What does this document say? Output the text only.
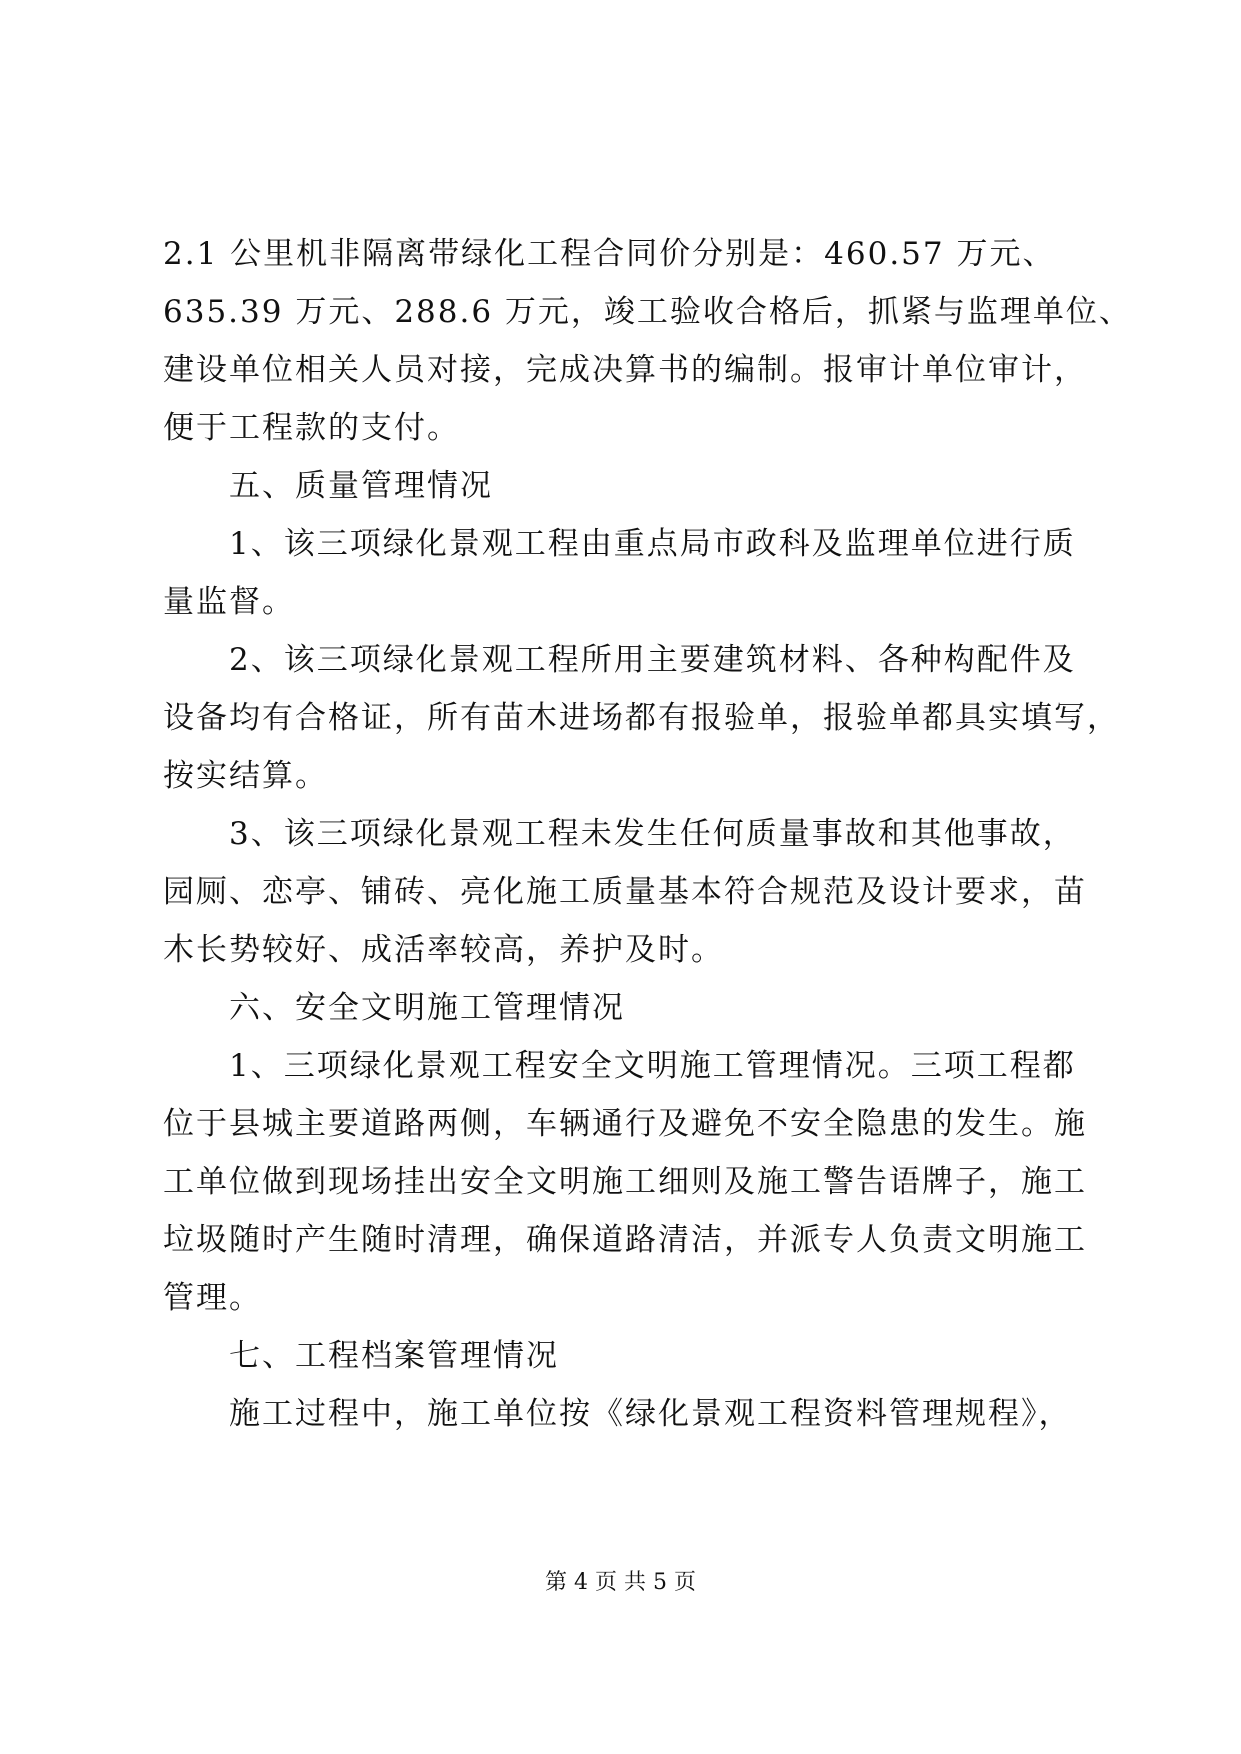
2.1 公里机非隔离带绿化工程合同价分别是：460.57 万元、
635.39 万元、288.6 万元，竣工验收合格后，抓紧与监理单位、
建设单位相关人员对接，完成决算书的编制。报审计单位审计，
便于工程款的支付。
五、质量管理情况
1、该三项绿化景观工程由重点局市政科及监理单位进行质
量监督。
2、该三项绿化景观工程所用主要建筑材料、各种构配件及
设备均有合格证，所有苗木进场都有报验单，报验单都具实填写，
按实结算。
3、该三项绿化景观工程未发生任何质量事故和其他事故，
园厕、恋亭、铺砖、亮化施工质量基本符合规范及设计要求，苗
木长势较好、成活率较高，养护及时。
六、安全文明施工管理情况
1、三项绿化景观工程安全文明施工管理情况。三项工程都
位于县城主要道路两侧，车辆通行及避免不安全隐患的发生。施
工单位做到现场挂出安全文明施工细则及施工警告语牌子，施工
垃圾随时产生随时清理，确保道路清洁，并派专人负责文明施工
管理。
七、工程档案管理情况
施工过程中，施工单位按《绿化景观工程资料管理规程》，
第 4 页 共 5 页
